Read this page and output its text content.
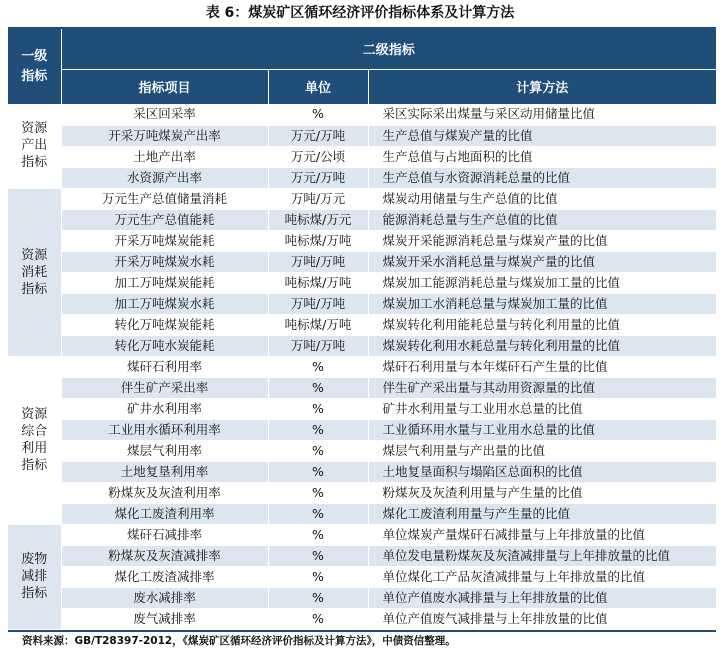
表 6：煤炭矿区循环经济评价指标体系及计算方法
一级
指标	二级指标		
	指标项目	单位	计算方法
资源
产出
指标	采区回采率	%	采区实际采出煤量与采区动用储量比值
	开采万吨煤炭产出率	万元/万吨	生产总值与煤炭产量的比值
	土地产出率	万元/公顷	生产总值与占地面积的比值
	水资源产出率	万元/万吨	生产总值与水资源消耗总量的比值
资源
消耗
指标	万元生产总值储量消耗	万吨/万元	煤炭动用储量与生产总值的比值
	万元生产总值能耗	吨标煤/万元	能源消耗总量与生产总值的比值
	开采万吨煤炭能耗	吨标煤/万吨	煤炭开采能源消耗总量与煤炭产量的比值
	开采万吨煤炭水耗	万吨/万吨	煤炭开采水消耗总量与煤炭产量的比值
	加工万吨煤炭能耗	吨标煤/万吨	煤炭加工能源消耗总量与煤炭加工量的比值
	加工万吨煤炭水耗	万吨/万吨	煤炭加工水消耗总量与煤炭加工量的比值
	转化万吨煤炭能耗	吨标煤/万吨	煤炭转化利用能耗总量与转化利用量的比值
	转化万吨水炭能耗	万吨/万吨	煤炭转化利用水耗总量与转化利用量的比值
资源
综合
利用
指标	煤矸石利用率	%	煤矸石利用量与本年煤矸石产生量的比值
	伴生矿产采出率	%	伴生矿产采出量与其动用资源量的比值
	矿井水利用率	%	矿井水利用量与工业用水总量的比值
	工业用水循环利用率	%	工业循环用水量与工业用水总量的比值
	煤层气利用率	%	煤层气利用量与产出量的比值
	土地复垦利用率	%	土地复垦面积与塌陷区总面积的比值
	粉煤灰及灰渣利用率	%	粉煤灰及灰渣利用量与产生量的比值
	煤化工废渣利用率	%	煤化工废渣利用量与产生量的比值
废物
减排
指标	煤矸石减排率	%	单位煤炭产量煤矸石减排量与上年排放量的比值
	粉煤灰及灰渣减排率	%	单位发电量粉煤灰及灰渣减排量与上年排放量的比值
	煤化工废渣减排率	%	单位煤化工产品灰渣减排量与上年排放量的比值
	废水减排率	%	单位产值废水减排量与上年排放量的比值
	废气减排率	%	单位产值废气减排量与上年排放量的比值
资料来源：GB/T28397-2012，《煤炭矿区循环经济评价指标及计算方法》，中债资信整理。
